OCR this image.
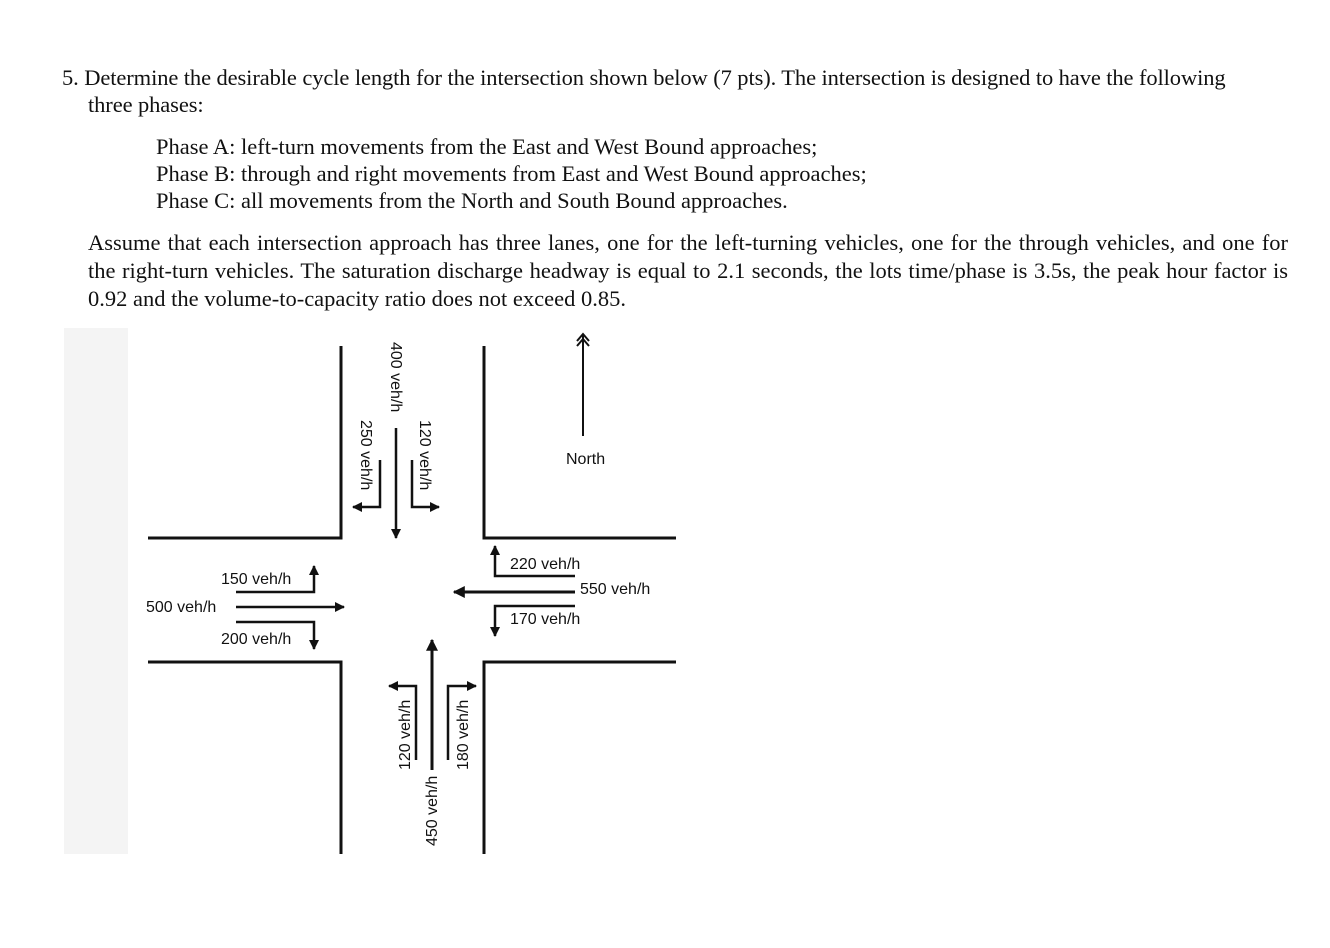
5. Determine the desirable cycle length for the intersection shown below (7 pts). The intersection is designed to have the following
three phases:
Phase A: left-turn movements from the East and West Bound approaches;
Phase B: through and right movements from East and West Bound approaches;
Phase C: all movements from the North and South Bound approaches.
Assume that each intersection approach has three lanes, one for the left-turning vehicles, one for the through vehicles, and one for the right-turn vehicles. The saturation discharge headway is equal to 2.1 seconds, the lots time/phase is 3.5s, the peak hour factor is 0.92 and the volume-to-capacity ratio does not exceed 0.85.
North
400 veh/h
250 veh/h	120 veh/h
120 veh/h
450 veh/h
180 veh/h
150 veh/h
500 veh/h
200 veh/h
220 veh/h
550 veh/h
170 veh/h
